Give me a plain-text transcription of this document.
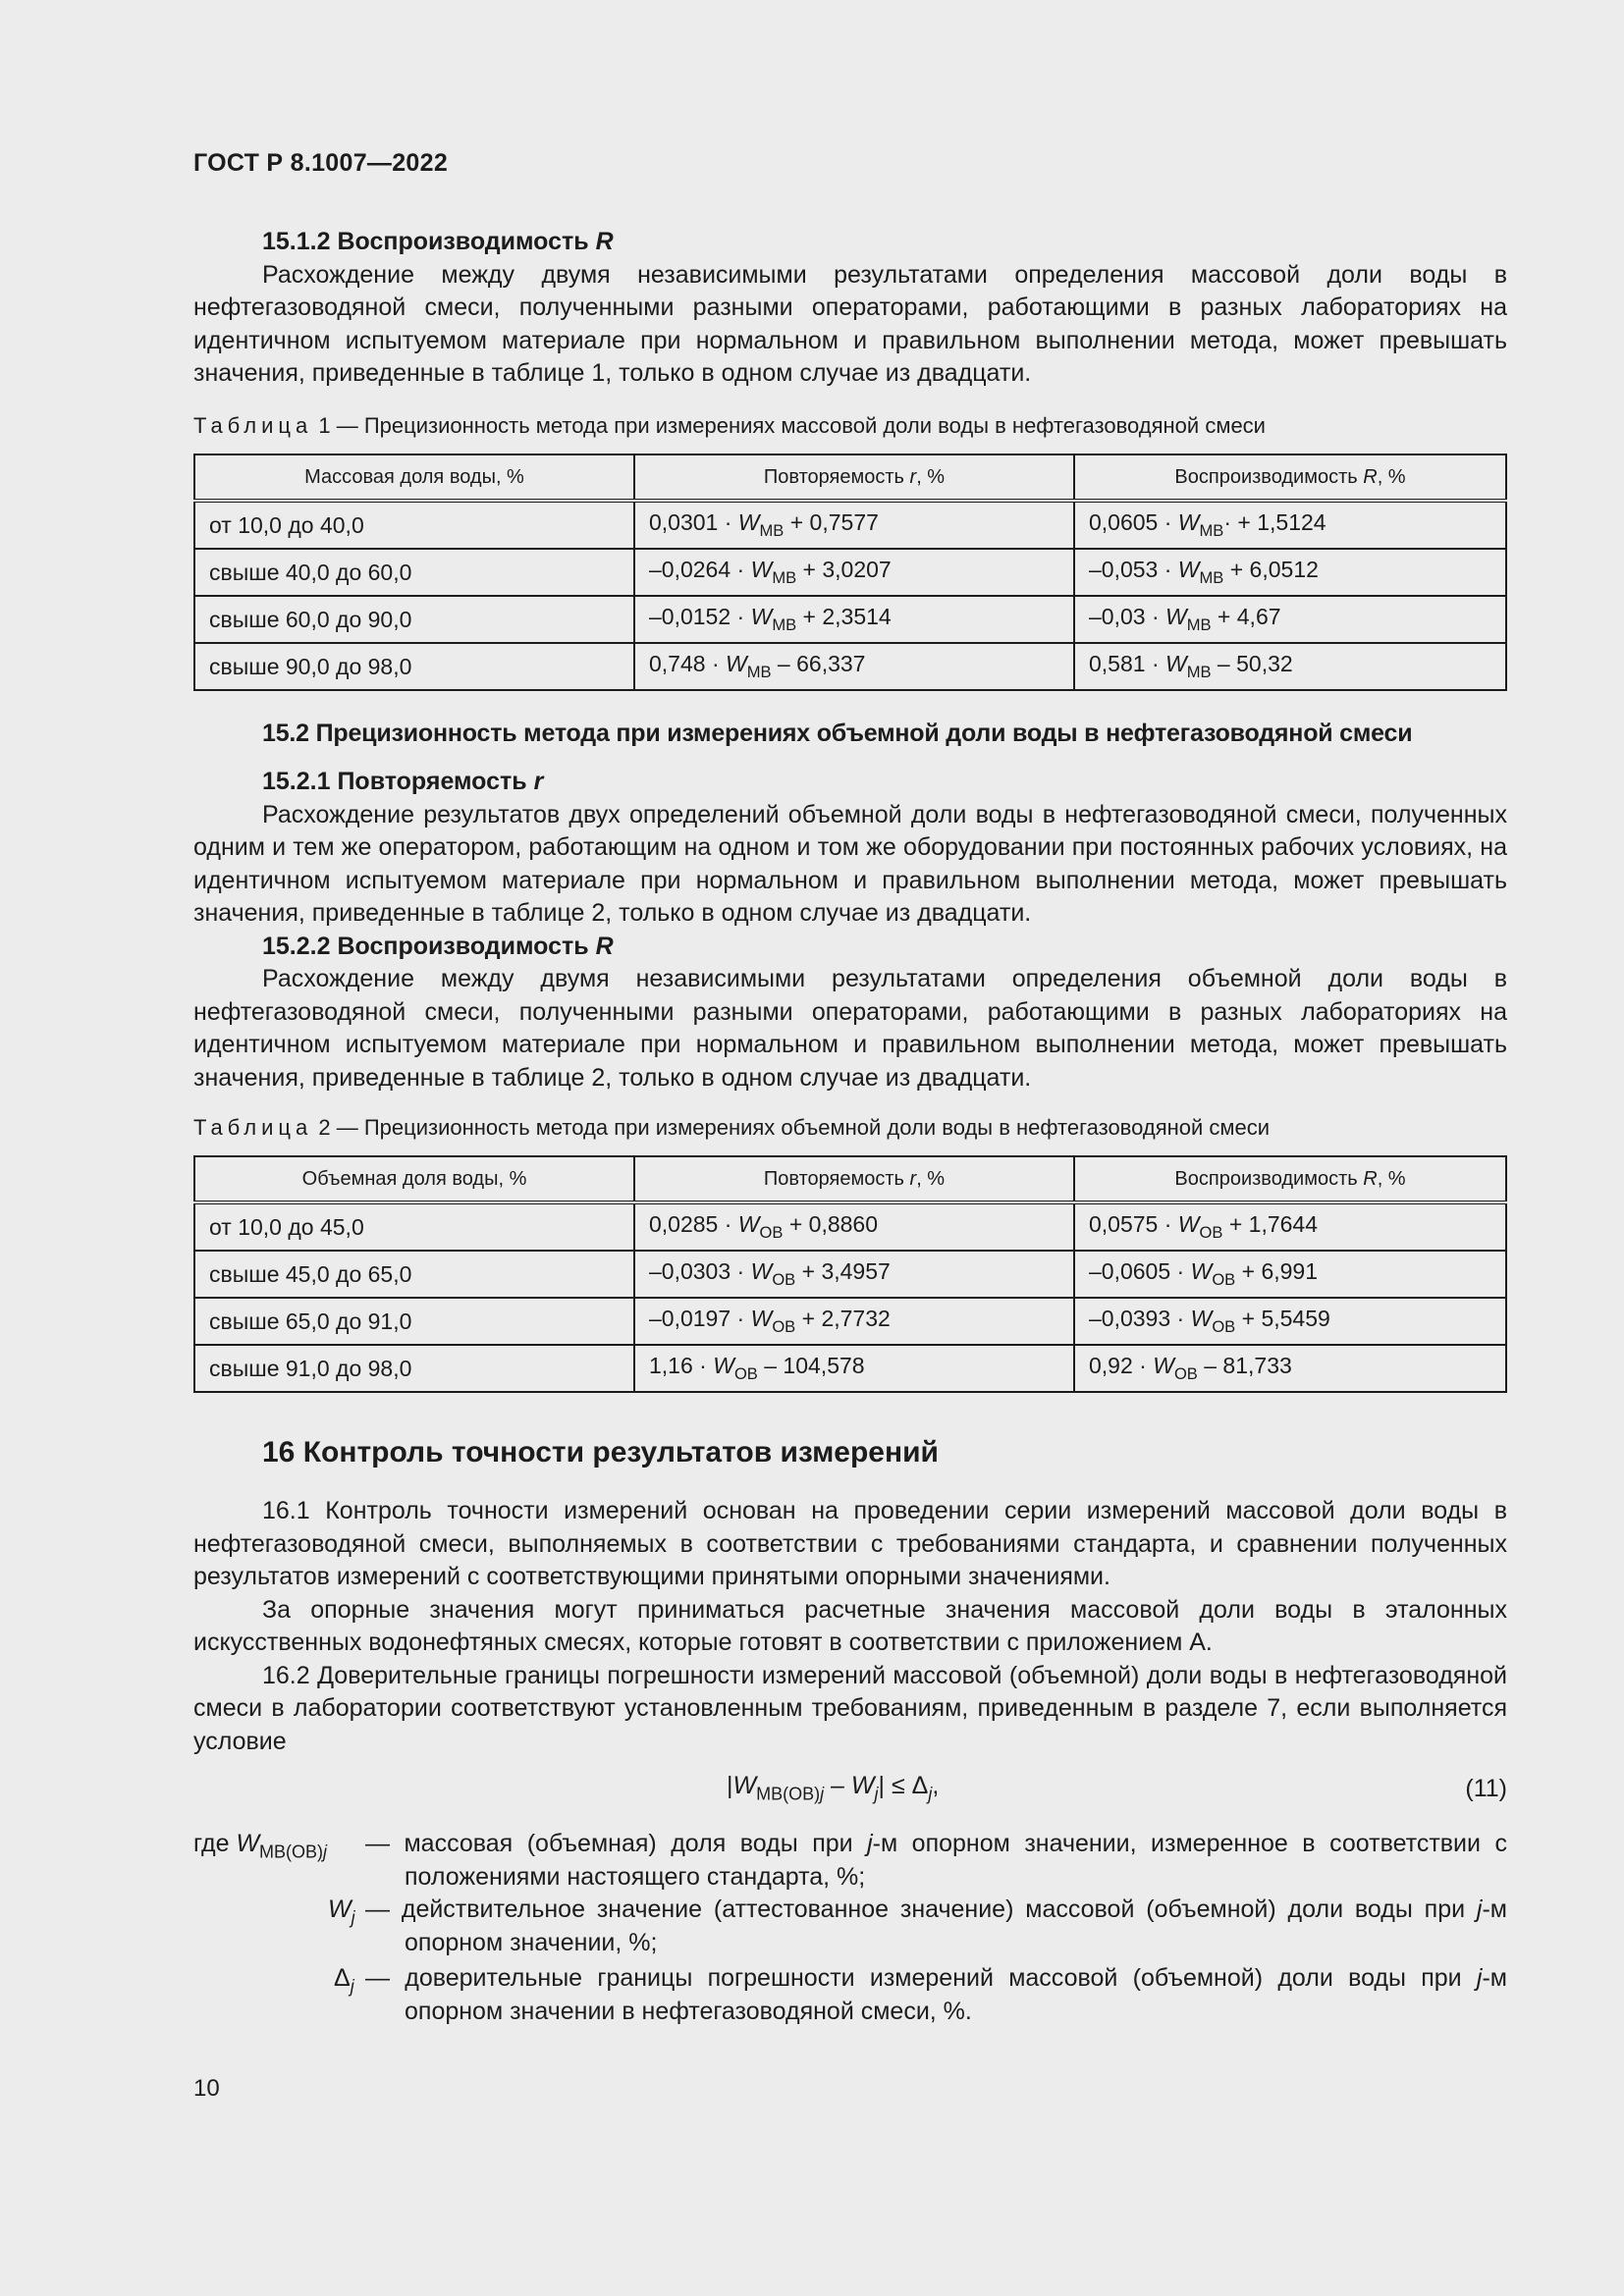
ГОСТ Р 8.1007—2022
15.1.2 Воспроизводимость R
Расхождение между двумя независимыми результатами определения массовой доли воды в нефтегазоводяной смеси, полученными разными операторами, работающими в разных лабораториях на идентичном испытуемом материале при нормальном и правильном выполнении метода, может превышать значения, приведенные в таблице 1, только в одном случае из двадцати.
Таблица 1 — Прецизионность метода при измерениях массовой доли воды в нефтегазоводяной смеси
Массовая доля воды, %	Повторяемость r, %	Воспроизводимость R, %
от 10,0 до 40,0	$0,0301 \cdot W_{МВ} + 0,7577$	$0,0605 \cdot W_{МВ}\cdot + 1,5124$
свыше 40,0 до 60,0	$-0,0264 \cdot W_{МВ} + 3,0207$	$-0,053 \cdot W_{МВ} + 6,0512$
свыше 60,0 до 90,0	$-0,0152 \cdot W_{МВ} + 2,3514$	$-0,03 \cdot W_{МВ} + 4,67$
свыше 90,0 до 98,0	$0,748 \cdot W_{МВ} - 66,337$	$0,581 \cdot W_{МВ} - 50,32$
15.2 Прецизионность метода при измерениях объемной доли воды в нефтегазоводяной смеси
15.2.1 Повторяемость r
Расхождение результатов двух определений объемной доли воды в нефтегазоводяной смеси, полученных одним и тем же оператором, работающим на одном и том же оборудовании при постоянных рабочих условиях, на идентичном испытуемом материале при нормальном и правильном выполнении метода, может превышать значения, приведенные в таблице 2, только в одном случае из двадцати.
15.2.2 Воспроизводимость R
Расхождение между двумя независимыми результатами определения объемной доли воды в нефтегазоводяной смеси, полученными разными операторами, работающими в разных лабораториях на идентичном испытуемом материале при нормальном и правильном выполнении метода, может превышать значения, приведенные в таблице 2, только в одном случае из двадцати.
Таблица 2 — Прецизионность метода при измерениях объемной доли воды в нефтегазоводяной смеси
Объемная доля воды, %	Повторяемость r, %	Воспроизводимость R, %
от 10,0 до 45,0	$0,0285 \cdot W_{ОВ} + 0,8860$	$0,0575 \cdot W_{ОВ} + 1,7644$
свыше 45,0 до 65,0	$-0,0303 \cdot W_{ОВ} + 3,4957$	$-0,0605 \cdot W_{ОВ} + 6,991$
свыше 65,0 до 91,0	$-0,0197 \cdot W_{ОВ} + 2,7732$	$-0,0393 \cdot W_{ОВ} + 5,5459$
свыше 91,0 до 98,0	$1,16 \cdot W_{ОВ} - 104,578$	$0,92 \cdot W_{ОВ} - 81,733$
16 Контроль точности результатов измерений
16.1 Контроль точности измерений основан на проведении серии измерений массовой доли воды в нефтегазоводяной смеси, выполняемых в соответствии с требованиями стандарта, и сравнении полученных результатов измерений с соответствующими принятыми опорными значениями.
За опорные значения могут приниматься расчетные значения массовой доли воды в эталонных искусственных водонефтяных смесях, которые готовят в соответствии с приложением А.
16.2 Доверительные границы погрешности измерений массовой (объемной) доли воды в нефтегазоводяной смеси в лаборатории соответствуют установленным требованиям, приведенным в разделе 7, если выполняется условие
$|W_{МВ(ОВ)j} - W_j| \le \Delta_j$,	(11)
где $W_{МВ(ОВ)j}$ — массовая (объемная) доля воды при j-м опорном значении, измеренное в соответствии с положениями настоящего стандарта, %;
$W_j$ — действительное значение (аттестованное значение) массовой (объемной) доли воды при j-м опорном значении, %;
$\Delta_j$ — доверительные границы погрешности измерений массовой (объемной) доли воды при j-м опорном значении в нефтегазоводяной смеси, %.
10
